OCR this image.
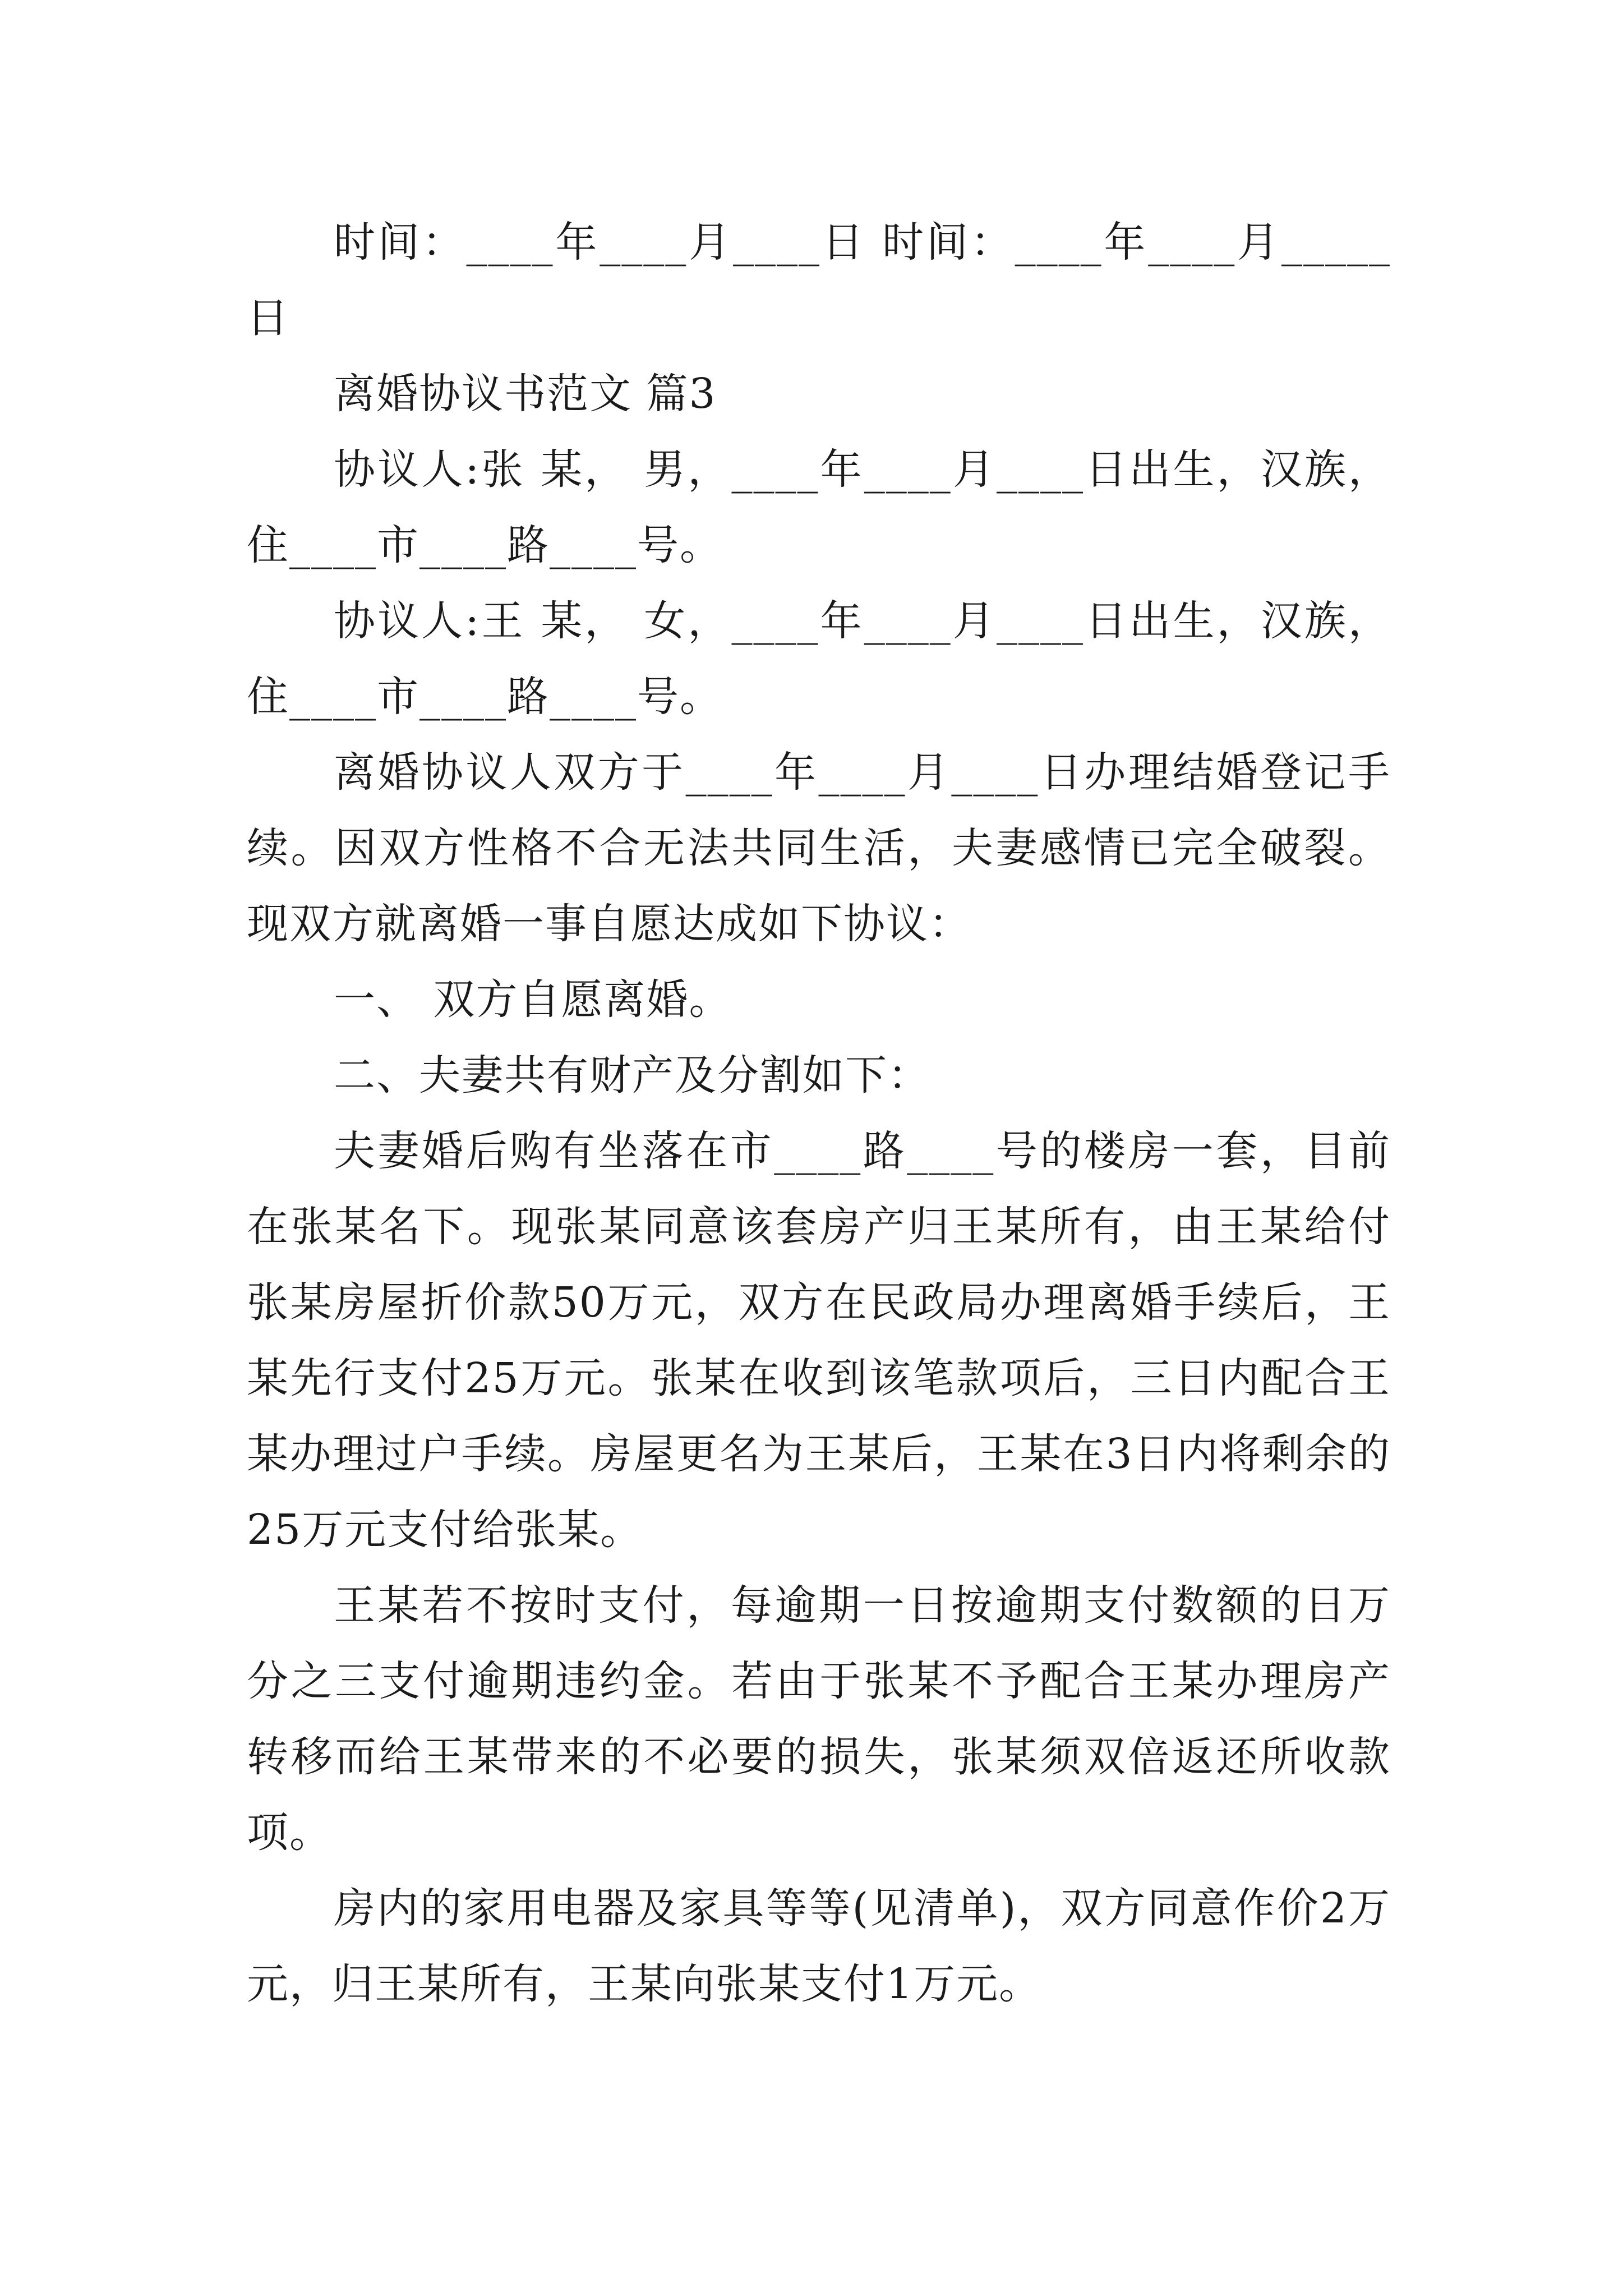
时间：____年____月____日 时间：____年____月_____日

离婚协议书范文 篇3

协议人:张 某， 男，____年____月____日出生，汉族，住____市____路____号。

协议人:王 某， 女，____年____月____日出生，汉族，住____市____路____号。

离婚协议人双方于____年____月____日办理结婚登记手续。因双方性格不合无法共同生活，夫妻感情已完全破裂。现双方就离婚一事自愿达成如下协议：

一、 双方自愿离婚。

二、夫妻共有财产及分割如下：

夫妻婚后购有坐落在市____路____号的楼房一套，目前在张某名下。现张某同意该套房产归王某所有，由王某给付张某房屋折价款50万元，双方在民政局办理离婚手续后，王某先行支付25万元。张某在收到该笔款项后，三日内配合王某办理过户手续。房屋更名为王某后，王某在3日内将剩余的25万元支付给张某。

王某若不按时支付，每逾期一日按逾期支付数额的日万分之三支付逾期违约金。若由于张某不予配合王某办理房产转移而给王某带来的不必要的损失，张某须双倍返还所收款项。

房内的家用电器及家具等等(见清单)，双方同意作价2万元，归王某所有，王某向张某支付1万元。
